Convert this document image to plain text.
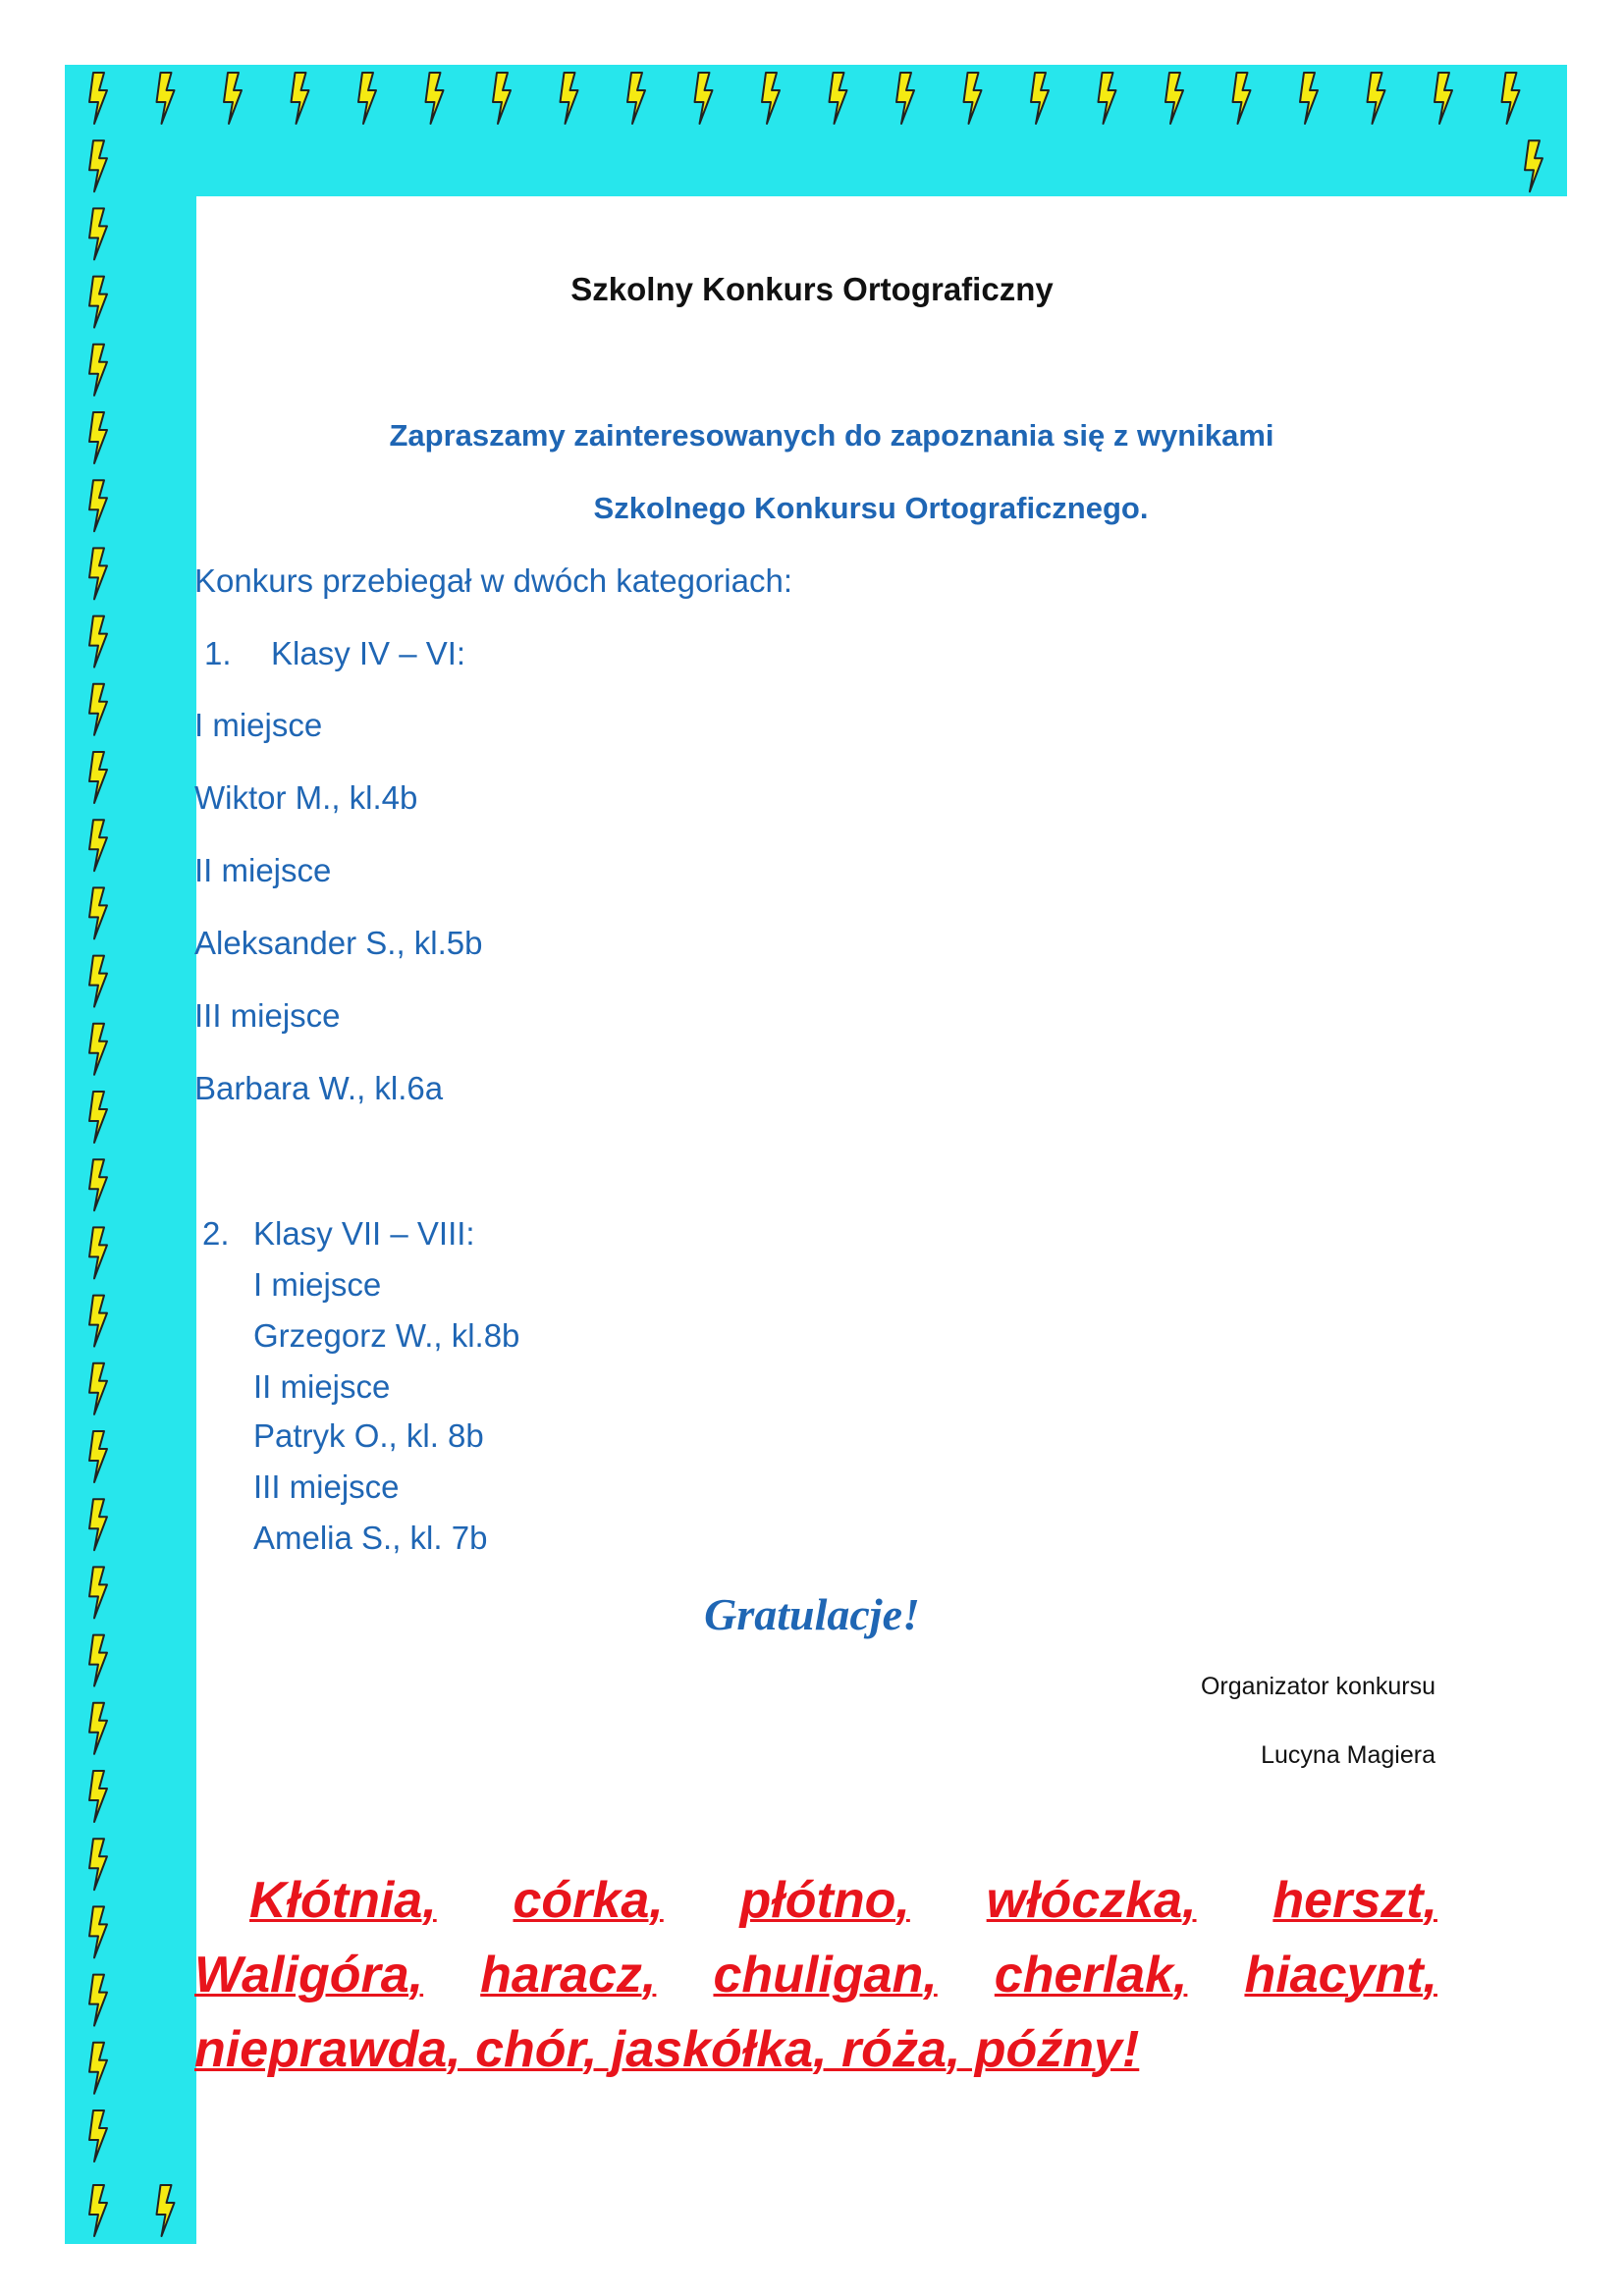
Szkolny Konkurs Ortograficzny
Zapraszamy zainteresowanych do zapoznania się z wynikami
Szkolnego Konkursu Ortograficznego.
Konkurs przebiegał w dwóch kategoriach:
1. Klasy IV – VI:
I miejsce
Wiktor M., kl.4b
II miejsce
Aleksander S., kl.5b
III miejsce
Barbara W., kl.6a
2. Klasy VII – VIII:
I miejsce
Grzegorz W., kl.8b
II miejsce
Patryk O., kl. 8b
III miejsce
Amelia S., kl. 7b
Gratulacje!
Organizator konkursu
Lucyna Magiera
Kłótnia, córka, płótno, włóczka, herszt,
Waligóra, haracz, chuligan, cherlak, hiacynt,
nieprawda, chór, jaskółka, róża, późny!
